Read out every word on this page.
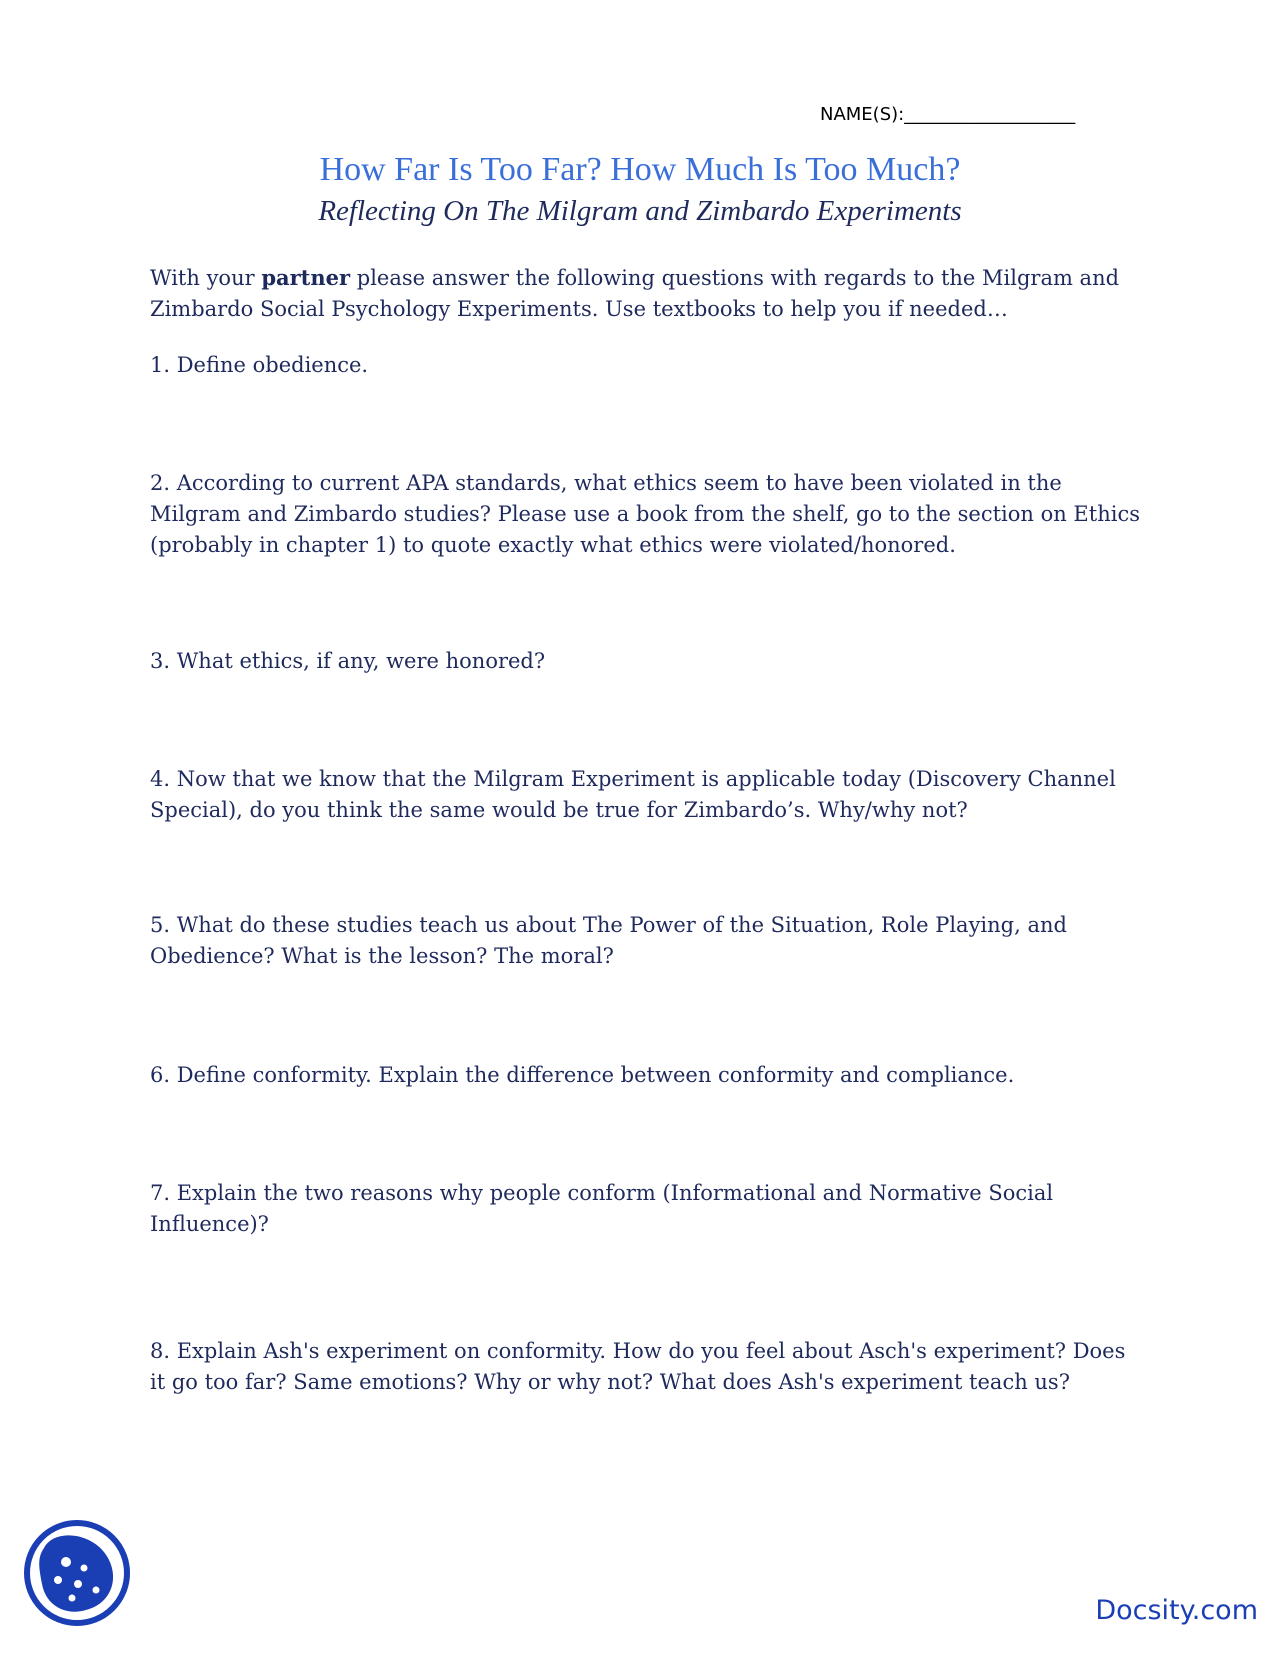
NAME(S):___________________
How Far Is Too Far? How Much Is Too Much?
Reflecting On The Milgram and Zimbardo Experiments
With your partner please answer the following questions with regards to the Milgram and Zimbardo Social Psychology Experiments. Use textbooks to help you if needed…
1. Define obedience.
2. According to current APA standards, what ethics seem to have been violated in the Milgram and Zimbardo studies? Please use a book from the shelf, go to the section on Ethics (probably in chapter 1) to quote exactly what ethics were violated/honored.
3. What ethics, if any, were honored?
4. Now that we know that the Milgram Experiment is applicable today (Discovery Channel Special), do you think the same would be true for Zimbardo’s. Why/why not?
5. What do these studies teach us about The Power of the Situation, Role Playing, and Obedience? What is the lesson? The moral?
6. Define conformity. Explain the difference between conformity and compliance.
7. Explain the two reasons why people conform (Informational and Normative Social Influence)?
8. Explain Ash's experiment on conformity. How do you feel about Asch's experiment? Does it go too far? Same emotions? Why or why not? What does Ash's experiment teach us?
Docsity.com
